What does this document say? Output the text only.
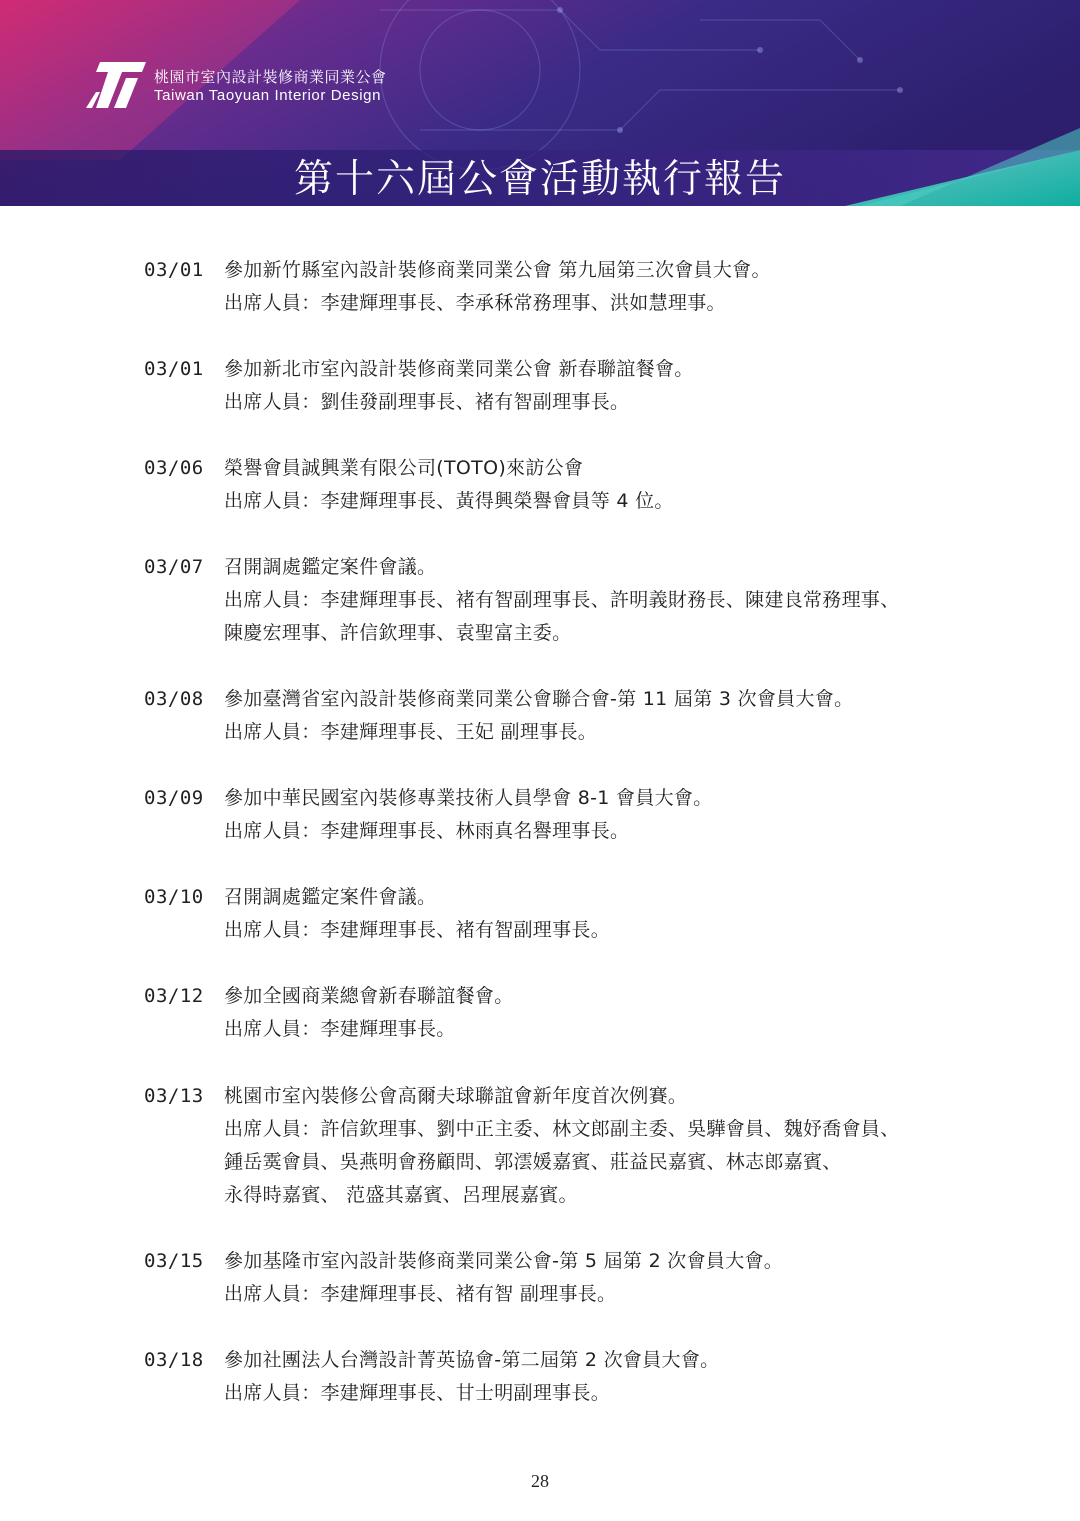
桃園市室內設計裝修商業同業公會
Taiwan Taoyuan Interior Design
第十六屆公會活動執行報告
03/01 參加新竹縣室內設計裝修商業同業公會 第九屆第三次會員大會。
出席人員：李建輝理事長、李承秝常務理事、洪如慧理事。
03/01 參加新北市室內設計裝修商業同業公會 新春聯誼餐會。
出席人員：劉佳發副理事長、褚有智副理事長。
03/06 榮譽會員誠興業有限公司(TOTO)來訪公會
出席人員：李建輝理事長、黃得興榮譽會員等 4 位。
03/07 召開調處鑑定案件會議。
出席人員：李建輝理事長、褚有智副理事長、許明義財務長、陳建良常務理事、
陳慶宏理事、許信欽理事、袁聖富主委。
03/08 參加臺灣省室內設計裝修商業同業公會聯合會-第 11 屆第 3 次會員大會。
出席人員：李建輝理事長、王妃 副理事長。
03/09 參加中華民國室內裝修專業技術人員學會 8-1 會員大會。
出席人員：李建輝理事長、林雨真名譽理事長。
03/10 召開調處鑑定案件會議。
出席人員：李建輝理事長、褚有智副理事長。
03/12 參加全國商業總會新春聯誼餐會。
出席人員：李建輝理事長。
03/13 桃園市室內裝修公會高爾夫球聯誼會新年度首次例賽。
出席人員：許信欽理事、劉中正主委、林文郎副主委、吳驊會員、魏妤喬會員、
鍾岳霙會員、吳燕明會務顧問、郭澐媛嘉賓、莊益民嘉賓、林志郎嘉賓、
永得時嘉賓、 范盛其嘉賓、呂理展嘉賓。
03/15 參加基隆市室內設計裝修商業同業公會-第 5 屆第 2 次會員大會。
出席人員：李建輝理事長、褚有智 副理事長。
03/18 參加社團法人台灣設計菁英協會-第二屆第 2 次會員大會。
出席人員：李建輝理事長、甘士明副理事長。
28
